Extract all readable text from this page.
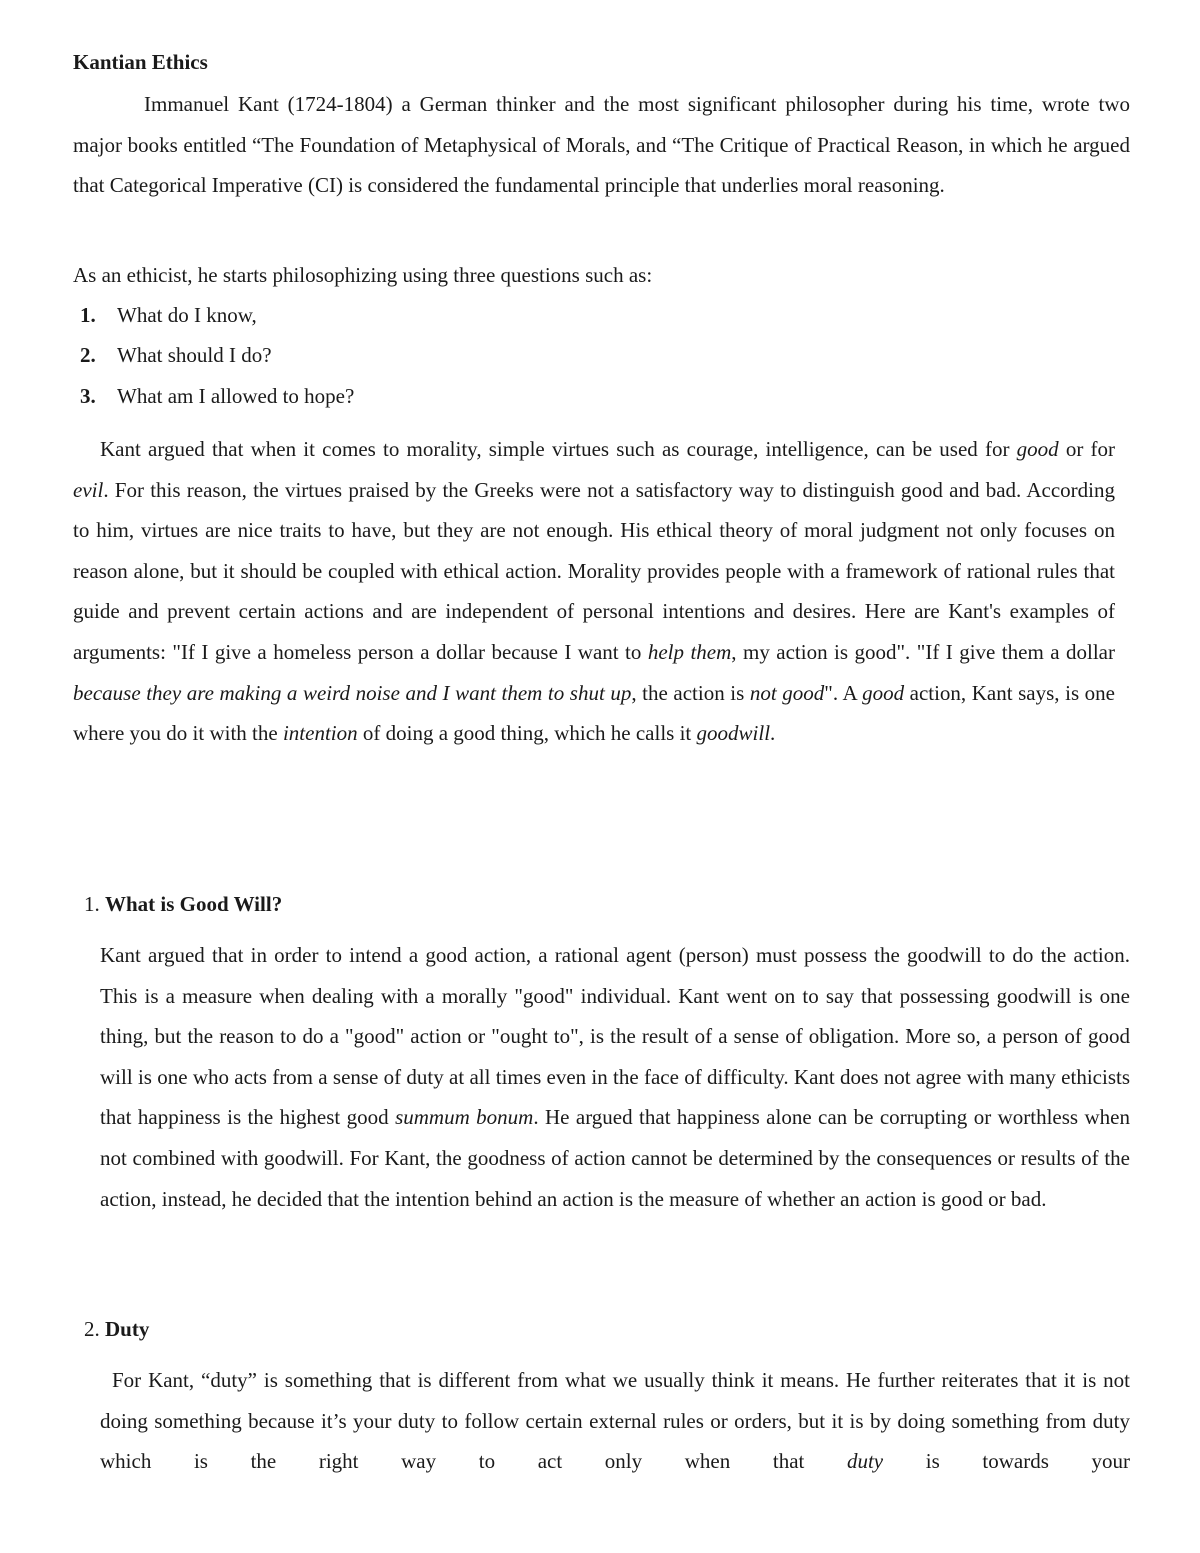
Kantian Ethics

Immanuel Kant (1724-1804) a German thinker and the most significant philosopher during his time, wrote two major books entitled “The Foundation of Metaphysical of Morals, and “The Critique of Practical Reason, in which he argued that Categorical Imperative (CI) is considered the fundamental principle that underlies moral reasoning.

As an ethicist, he starts philosophizing using three questions such as:
1. What do I know,
2. What should I do?
3. What am I allowed to hope?

Kant argued that when it comes to morality, simple virtues such as courage, intelligence, can be used for good or for evil. For this reason, the virtues praised by the Greeks were not a satisfactory way to distinguish good and bad. According to him, virtues are nice traits to have, but they are not enough. His ethical theory of moral judgment not only focuses on reason alone, but it should be coupled with ethical action. Morality provides people with a framework of rational rules that guide and prevent certain actions and are independent of personal intentions and desires. Here are Kant's examples of arguments: "If I give a homeless person a dollar because I want to help them, my action is good". "If I give them a dollar because they are making a weird noise and I want them to shut up, the action is not good". A good action, Kant says, is one where you do it with the intention of doing a good thing, which he calls it goodwill.

1. What is Good Will?

Kant argued that in order to intend a good action, a rational agent (person) must possess the goodwill to do the action. This is a measure when dealing with a morally "good" individual. Kant went on to say that possessing goodwill is one thing, but the reason to do a "good" action or "ought to", is the result of a sense of obligation. More so, a person of good will is one who acts from a sense of duty at all times even in the face of difficulty. Kant does not agree with many ethicists that happiness is the highest good summum bonum. He argued that happiness alone can be corrupting or worthless when not combined with goodwill. For Kant, the goodness of action cannot be determined by the consequences or results of the action, instead, he decided that the intention behind an action is the measure of whether an action is good or bad.

2. Duty

For Kant, “duty” is something that is different from what we usually think it means. He further reiterates that it is not doing something because it’s your duty to follow certain external rules or orders, but it is by doing something from duty which is the right way to act only when that duty is towards your
